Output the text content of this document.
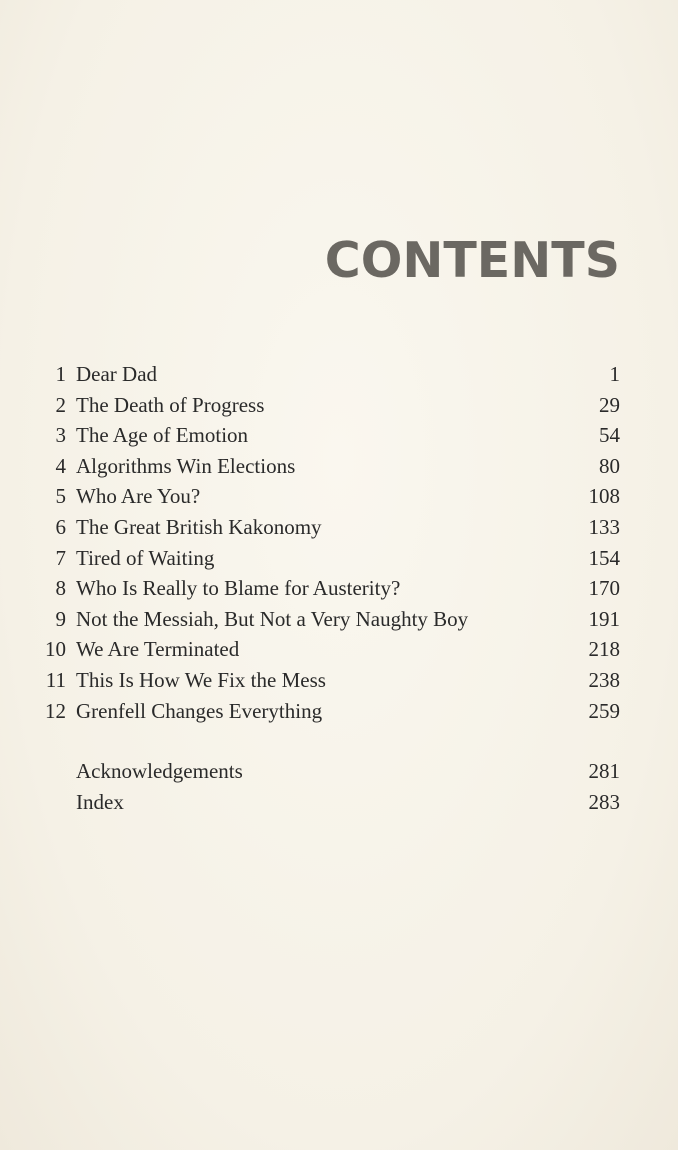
CONTENTS
1 Dear Dad	1
2 The Death of Progress	29
3 The Age of Emotion	54
4 Algorithms Win Elections	80
5 Who Are You?	108
6 The Great British Kakonomy	133
7 Tired of Waiting	154
8 Who Is Really to Blame for Austerity?	170
9 Not the Messiah, But Not a Very Naughty Boy	191
10 We Are Terminated	218
11 This Is How We Fix the Mess	238
12 Grenfell Changes Everything	259
Acknowledgements	281
Index	283
